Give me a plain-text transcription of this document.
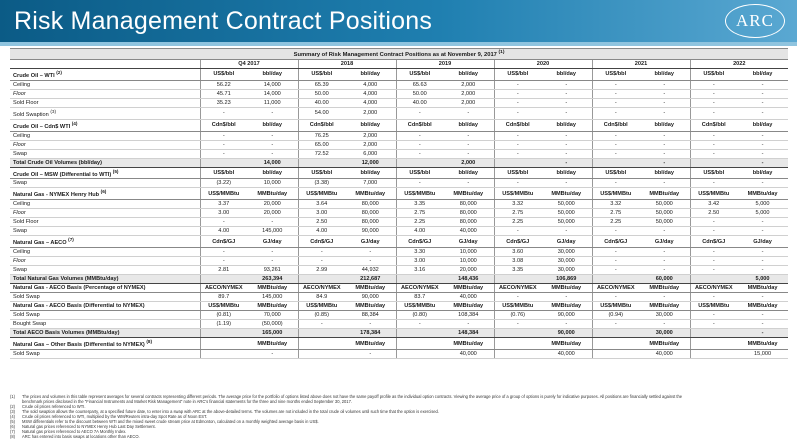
Risk Management Contract Positions	ARC
Summary of Risk Management Contract Positions as at November 9, 2017 $^{(1)}$
	Q4 2017		2018		2019		2020		2021		2022	
Crude Oil – WTI $^{(2)}$	US$/bbl	bbl/day	US$/bbl	bbl/day	US$/bbl	bbl/day	US$/bbl	bbl/day	US$/bbl	bbl/day	US$/bbl	bbl/day
Ceiling	56.22	14,000	65.39	4,000	65.63	2,000	-	-	-	-	-	-
Floor	45.71	14,000	50.00	4,000	50.00	2,000	-	-	-	-	-	-
Sold Floor	35.23	11,000	40.00	4,000	40.00	2,000	-	-	-	-	-	-
Sold Swaption $^{(3)}$	-	-	54.00	2,000	-	-	-	-	-	-	-	-
Crude Oil – Cdn$ WTI $^{(4)}$	Cdn$/bbl	bbl/day	Cdn$/bbl	bbl/day	Cdn$/bbl	bbl/day	Cdn$/bbl	bbl/day	Cdn$/bbl	bbl/day	Cdn$/bbl	bbl/day
Ceiling	-	-	76.25	2,000	-	-	-	-	-	-	-	-
Floor	-	-	65.00	2,000	-	-	-	-	-	-	-	-
Swap	-	-	72.52	6,000	-	-	-	-	-	-	-	-
Total Crude Oil Volumes (bbl/day)		14,000		12,000		2,000		-		-		-
Crude Oil – MSW (Differential to WTI) $^{(5)}$	US$/bbl	bbl/day	US$/bbl	bbl/day	US$/bbl	bbl/day	US$/bbl	bbl/day	US$/bbl	bbl/day	US$/bbl	bbl/day
Swap	(3.22)	10,000	(3.38)	7,000	-	-	-	-	-	-	-	-
Natural Gas - NYMEX Henry Hub $^{(6)}$	US$/MMBtu	MMBtu/day	US$/MMBtu	MMBtu/day	US$/MMBtu	MMBtu/day	US$/MMBtu	MMBtu/day	US$/MMBtu	MMBtu/day	US$/MMBtu	MMBtu/day
Ceiling	3.37	20,000	3.64	80,000	3.35	80,000	3.32	50,000	3.32	50,000	3.42	5,000
Floor	3.00	20,000	3.00	80,000	2.75	80,000	2.75	50,000	2.75	50,000	2.50	5,000
Sold Floor	-	-	2.50	80,000	2.25	80,000	2.25	50,000	2.25	50,000	-	-
Swap	4.00	145,000	4.00	90,000	4.00	40,000	-	-	-	-	-	-
Natural Gas – AECO $^{(7)}$	Cdn$/GJ	GJ/day	Cdn$/GJ	GJ/day	Cdn$/GJ	GJ/day	Cdn$/GJ	GJ/day	Cdn$/GJ	GJ/day	Cdn$/GJ	GJ/day
Ceiling	-	-	-	-	3.30	10,000	3.60	30,000	-	-	-	-
Floor	-	-	-	-	3.00	10,000	3.08	30,000	-	-	-	-
Swap	2.81	93,261	2.99	44,932	3.16	20,000	3.35	30,000	-	-	-	-
Total Natural Gas Volumes (MMBtu/day)		263,394		212,687		148,436		106,869		60,000		5,000
Natural Gas - AECO Basis (Percentage of NYMEX)	AECO/NYMEX	MMBtu/day	AECO/NYMEX	MMBtu/day	AECO/NYMEX	MMBtu/day	AECO/NYMEX	MMBtu/day	AECO/NYMEX	MMBtu/day	AECO/NYMEX	MMBtu/day
Sold Swap	89.7	145,000	84.9	90,000	83.7	40,000	-	-	-	-	-	-
Natural Gas - AECO Basis (Differential to NYMEX)	US$/MMBtu	MMBtu/day	US$/MMBtu	MMBtu/day	US$/MMBtu	MMBtu/day	US$/MMBtu	MMBtu/day	US$/MMBtu	MMBtu/day	US$/MMBtu	MMBtu/day
Sold Swap	(0.81)	70,000	(0.85)	88,384	(0.80)	108,384	(0.76)	90,000	(0.94)	30,000	-	-
Bought Swap	(1.19)	(50,000)	-	-	-	-	-	-	-	-	-	-
Total AECO Basis Volumes (MMBtu/day)		165,000		178,384		148,384		90,000		30,000		-
Natural Gas – Other Basis (Differential to NYMEX) $^{(8)}$		MMBtu/day		MMBtu/day		MMBtu/day		MMBtu/day		MMBtu/day		MMBtu/day
Sold Swap		-		-		40,000		40,000		40,000		15,000
(1)	The prices and volumes in this table represent averages for several contracts representing different periods. The average price for the portfolio of options listed above does not have the same payoff profile as the individual option contracts. Viewing the average price of a group of options is purely for indicative purposes. All positions are financially settled against the
benchmark prices disclosed in the "Financial Instruments and Market Risk Management" note in ARC's financial statements for the three and nine months ended September 30, 2017.
(2)	Crude oil prices referenced to WTI.
(3)	The sold swaption allows the counterparty, at a specified future date, to enter into a swap with ARC at the above-detailed terms. The volumes are not included in the total crude oil volumes until such time that the option is exercised.
(4)	Crude oil prices referenced to WTI, multiplied by the WM/Reuters intra-day Spot Rate as of Noon EST.
(5)	MSW differentials refer to the discount between WTI and the mixed sweet crude stream price at Edmonton, calculated on a monthly weighted average basis in US$.
(6)	Natural gas prices referenced to NYMEX Henry Hub Last Day Settlement.
(7)	Natural gas prices referenced to AECO 7A Monthly Index.
(8)	ARC has entered into basis swaps at locations other than AECO.
